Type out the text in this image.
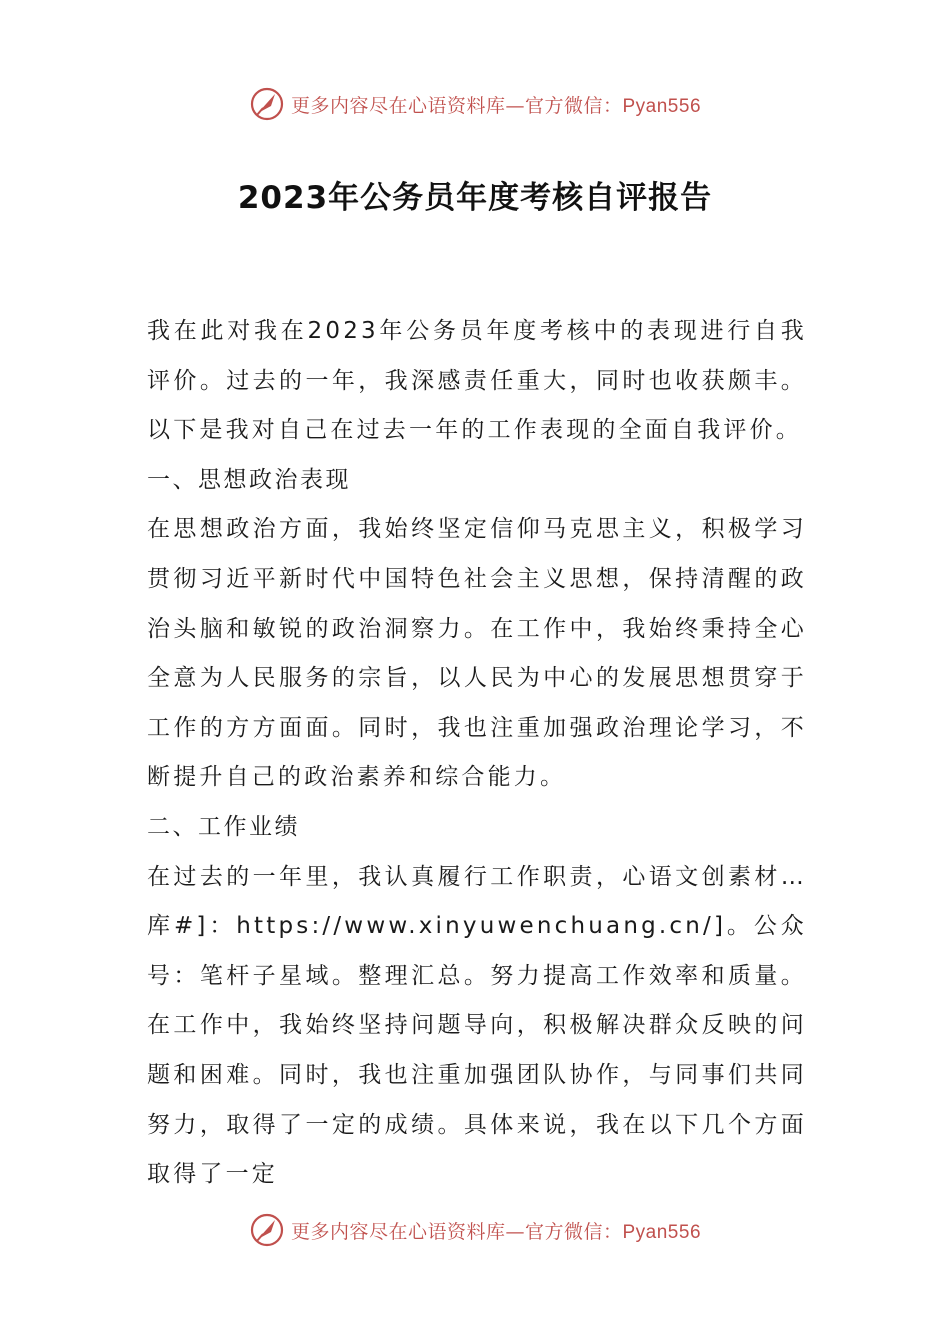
更多内容尽在心语资料库—官方微信：Pyan556
2023年公务员年度考核自评报告

我在此对我在2023年公务员年度考核中的表现进行自我评价。过去的一年，我深感责任重大，同时也收获颇丰。以下是我对自己在过去一年的工作表现的全面自我评价。

一、思想政治表现

在思想政治方面，我始终坚定信仰马克思主义，积极学习贯彻习近平新时代中国特色社会主义思想，保持清醒的政治头脑和敏锐的政治洞察力。在工作中，我始终秉持全心全意为人民服务的宗旨，以人民为中心的发展思想贯穿于工作的方方面面。同时，我也注重加强政治理论学习，不断提升自己的政治素养和综合能力。

二、工作业绩

在过去的一年里，我认真履行工作职责，心语文创素材…库#]：https://www.xinyuwenchuang.cn/]。公众号：笔杆子星域。整理汇总。努力提高工作效率和质量。在工作中，我始终坚持问题导向，积极解决群众反映的问题和困难。同时，我也注重加强团队协作，与同事们共同努力，取得了一定的成绩。具体来说，我在以下几个方面取得了一定

更多内容尽在心语资料库—官方微信：Pyan556
